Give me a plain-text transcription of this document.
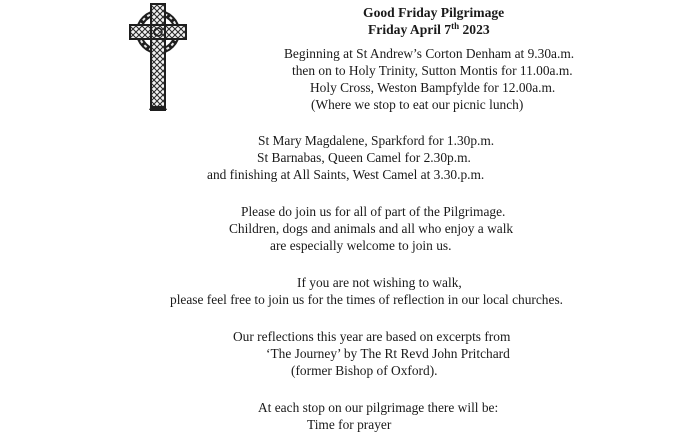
Good Friday Pilgrimage
Friday April 7th 2023
Beginning at St Andrew’s Corton Denham at 9.30a.m.
then on to Holy Trinity, Sutton Montis for 11.00a.m.
Holy Cross, Weston Bampfylde for 12.00a.m.
(Where we stop to eat our picnic lunch)
St Mary Magdalene, Sparkford for 1.30p.m.
St Barnabas, Queen Camel for 2.30p.m.
and finishing at All Saints, West Camel at 3.30.p.m.
Please do join us for all of part of the Pilgrimage.
Children, dogs and animals and all who enjoy a walk
are especially welcome to join us.
If you are not wishing to walk,
please feel free to join us for the times of reflection in our local churches.
Our reflections this year are based on excerpts from
‘The Journey’ by The Rt Revd John Pritchard
(former Bishop of Oxford).
At each stop on our pilgrimage there will be:
Time for prayer
